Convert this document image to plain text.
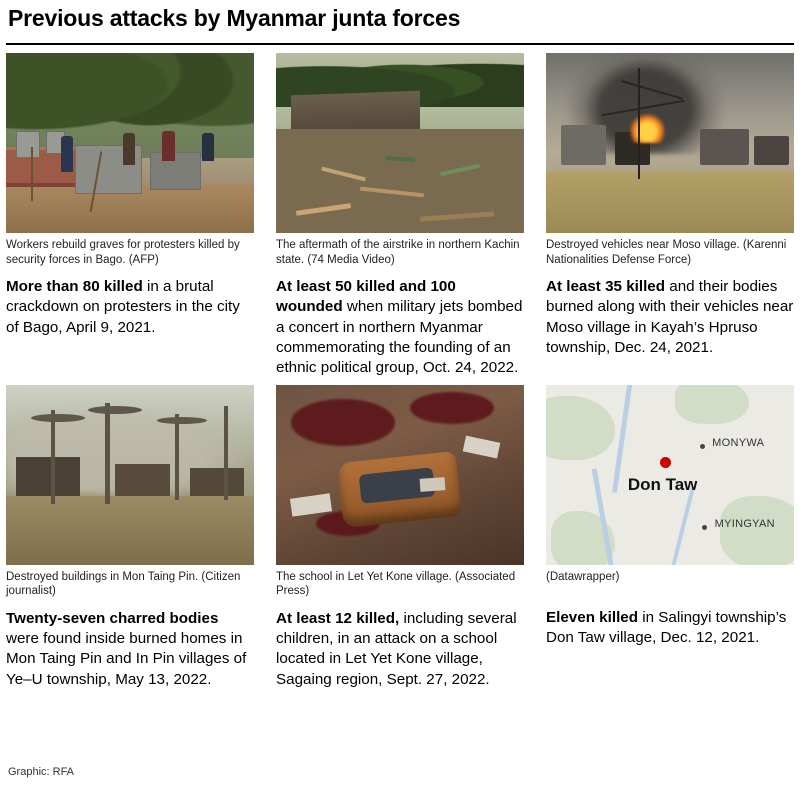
Previous attacks by Myanmar junta forces
Workers rebuild graves for protesters killed by security forces in Bago. (AFP)
More than 80 killed in a brutal crackdown on protesters in the city of Bago, April 9, 2021.
The aftermath of the airstrike in northern Kachin state. (74 Media Video)
At least 50 killed and 100 wounded when military jets bombed a concert in northern Myanmar commemorating the founding of an ethnic political group, Oct. 24, 2022.
Destroyed vehicles near Moso village. (Karenni Nationalities Defense Force)
At least 35 killed and their bodies burned along with their vehicles near Moso village in Kayah’s Hpruso township, Dec. 24, 2021.
Destroyed buildings in Mon Taing Pin. (Citizen journalist)
Twenty-seven charred bodies were found inside burned homes in Mon Taing Pin and In Pin villages of Ye–U township, May 13, 2022.
The school in Let Yet Kone village. (Associated Press)
At least 12 killed, including several children, in an attack on a school located in Let Yet Kone village, Sagaing region, Sept. 27, 2022.
MONYWA
MYINGYAN
Don Taw
(Datawrapper)
Eleven killed in Salingyi township’s Don Taw village, Dec. 12, 2021.
Graphic: RFA
